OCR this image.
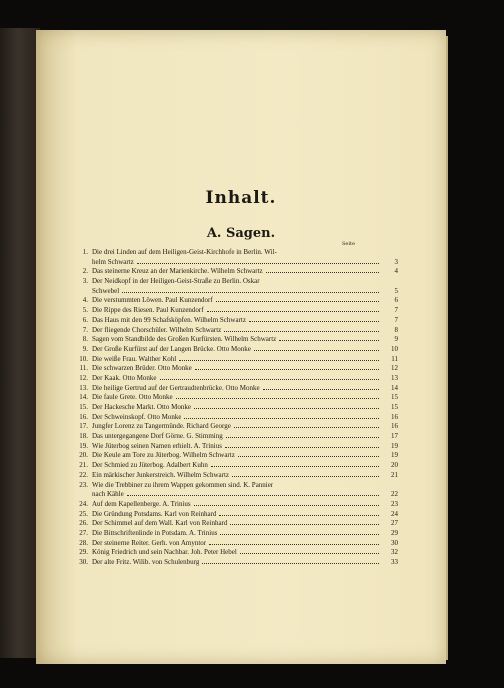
Inhalt.
A. Sagen.
Seite
1. Die drei Linden auf dem Heiligen-Geist-Kirchhofe in Berlin. Wil-
helm Schwartz	3
2. Das steinerne Kreuz an der Marienkirche. Wilhelm Schwartz	4
3. Der Neidkopf in der Heiligen-Geist-Straße zu Berlin. Oskar
Schwebel	5
4. Die verstummten Löwen. Paul Kunzendorf	6
5. Die Rippe des Riesen. Paul Kunzendorf	7
6. Das Haus mit den 99 Schafsköpfen. Wilhelm Schwartz	7
7. Der fliegende Chorschüler. Wilhelm Schwartz	8
8. Sagen vom Standbilde des Großen Kurfürsten. Wilhelm Schwartz	9
9. Der Große Kurfürst auf der Langen Brücke. Otto Monke	10
10. Die weiße Frau. Walther Kohl	11
11. Die schwarzen Brüder. Otto Monke	12
12. Der Kaak. Otto Monke	13
13. Die heilige Gertrud auf der Gertraudtenbrücke. Otto Monke	14
14. Die faule Grete. Otto Monke	15
15. Der Hackesche Markt. Otto Monke	15
16. Der Schweinskopf. Otto Monke	16
17. Jungfer Lorenz zu Tangermünde. Richard George	16
18. Das untergegangene Dorf Görne. G. Stimming	17
19. Wie Jüterbog seinen Namen erhielt. A. Trinius	19
20. Die Keule am Tore zu Jüterbog. Wilhelm Schwartz	19
21. Der Schmied zu Jüterbog. Adalbert Kuhn	20
22. Ein märkischer Junkerstreich. Wilhelm Schwartz	21
23. Wie die Trebbiner zu ihrem Wappen gekommen sind. K. Pannier
nach Kähle	22
24. Auf dem Kapellenberge. A. Trinius	23
25. Die Gründung Potsdams. Karl von Reinhard	24
26. Der Schimmel auf dem Wall. Karl von Reinhard	27
27. Die Bittschriftenlinde in Potsdam. A. Trinius	29
28. Der steinerne Reiter. Gerh. von Amyntor	30
29. König Friedrich und sein Nachbar. Joh. Peter Hebel	32
30. Der alte Fritz. Wilib. von Schulenburg	33
